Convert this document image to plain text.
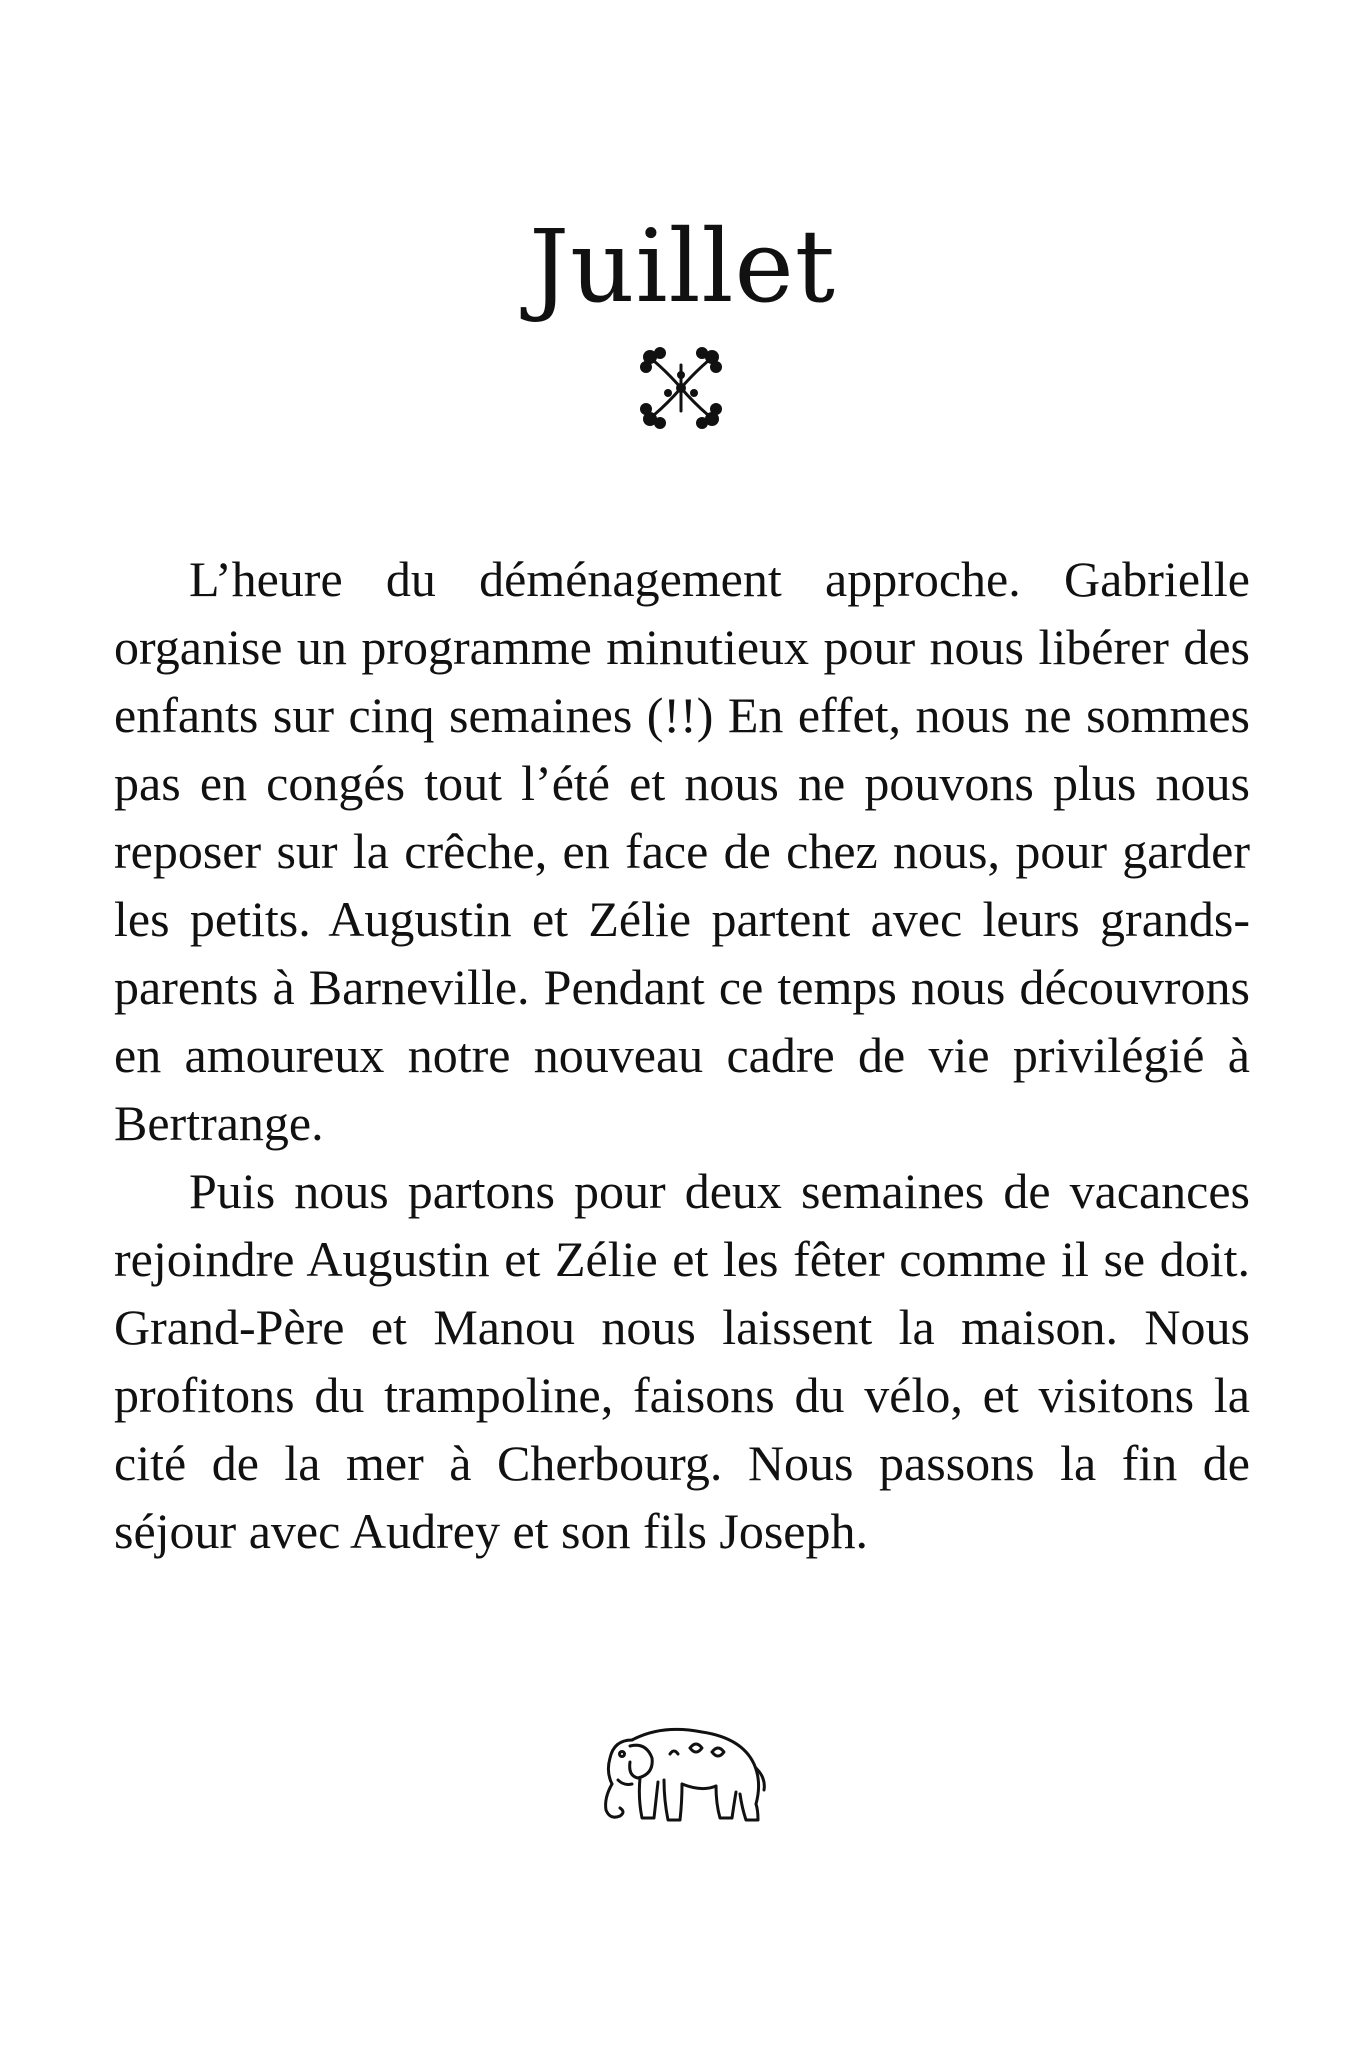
Juillet

L’heure du déménagement approche. Gabrielle organise un programme minutieux pour nous libérer des enfants sur cinq semaines (!!) En effet, nous ne sommes pas en congés tout l’été et nous ne pouvons plus nous reposer sur la crêche, en face de chez nous, pour garder les petits. Augustin et Zélie partent avec leurs grands-parents à Barneville. Pendant ce temps nous découvrons en amoureux notre nouveau cadre de vie privilégié à Bertrange.

Puis nous partons pour deux semaines de vacances rejoindre Augustin et Zélie et les fêter comme il se doit. Grand-Père et Manou nous laissent la maison. Nous profitons du trampoline, faisons du vélo, et visitons la cité de la mer à Cherbourg. Nous passons la fin de séjour avec Audrey et son fils Joseph.
